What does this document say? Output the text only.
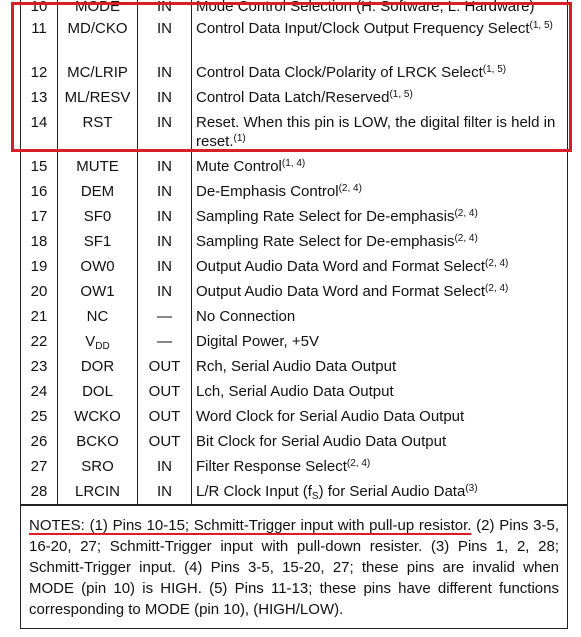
10	MODE	IN	Mode Control Selection (H: Software, L: Hardware)
11	MD/CKO	IN	Control Data Input/Clock Output Frequency Select$^{(1, 5)}$
12	MC/LRIP	IN	Control Data Clock/Polarity of LRCK Select$^{(1, 5)}$
13	ML/RESV	IN	Control Data Latch/Reserved$^{(1, 5)}$
14	RST	IN	Reset. When this pin is LOW, the digital filter is held in reset.$^{(1)}$
15	MUTE	IN	Mute Control$^{(1, 4)}$
16	DEM	IN	De-Emphasis Control$^{(2, 4)}$
17	SF0	IN	Sampling Rate Select for De-emphasis$^{(2, 4)}$
18	SF1	IN	Sampling Rate Select for De-emphasis$^{(2, 4)}$
19	OW0	IN	Output Audio Data Word and Format Select$^{(2, 4)}$
20	OW1	IN	Output Audio Data Word and Format Select$^{(2, 4)}$
21	NC	—	No Connection
22	$V_{DD}$	—	Digital Power, +5V
23	DOR	OUT	Rch, Serial Audio Data Output
24	DOL	OUT	Lch, Serial Audio Data Output
25	WCKO	OUT	Word Clock for Serial Audio Data Output
26	BCKO	OUT	Bit Clock for Serial Audio Data Output
27	SRO	IN	Filter Response Select$^{(2, 4)}$
28	LRCIN	IN	L/R Clock Input $(f_S)$ for Serial Audio Data$^{(3)}$
NOTES: (1) Pins 10-15; Schmitt-Trigger input with pull-up resistor. (2) Pins 3-5, 16-20, 27; Schmitt-Trigger input with pull-down resister. (3) Pins 1, 2, 28; Schmitt-Trigger input. (4) Pins 3-5, 15-20, 27; these pins are invalid when MODE (pin 10) is HIGH. (5) Pins 11-13; these pins have different functions corresponding to MODE (pin 10), (HIGH/LOW).
